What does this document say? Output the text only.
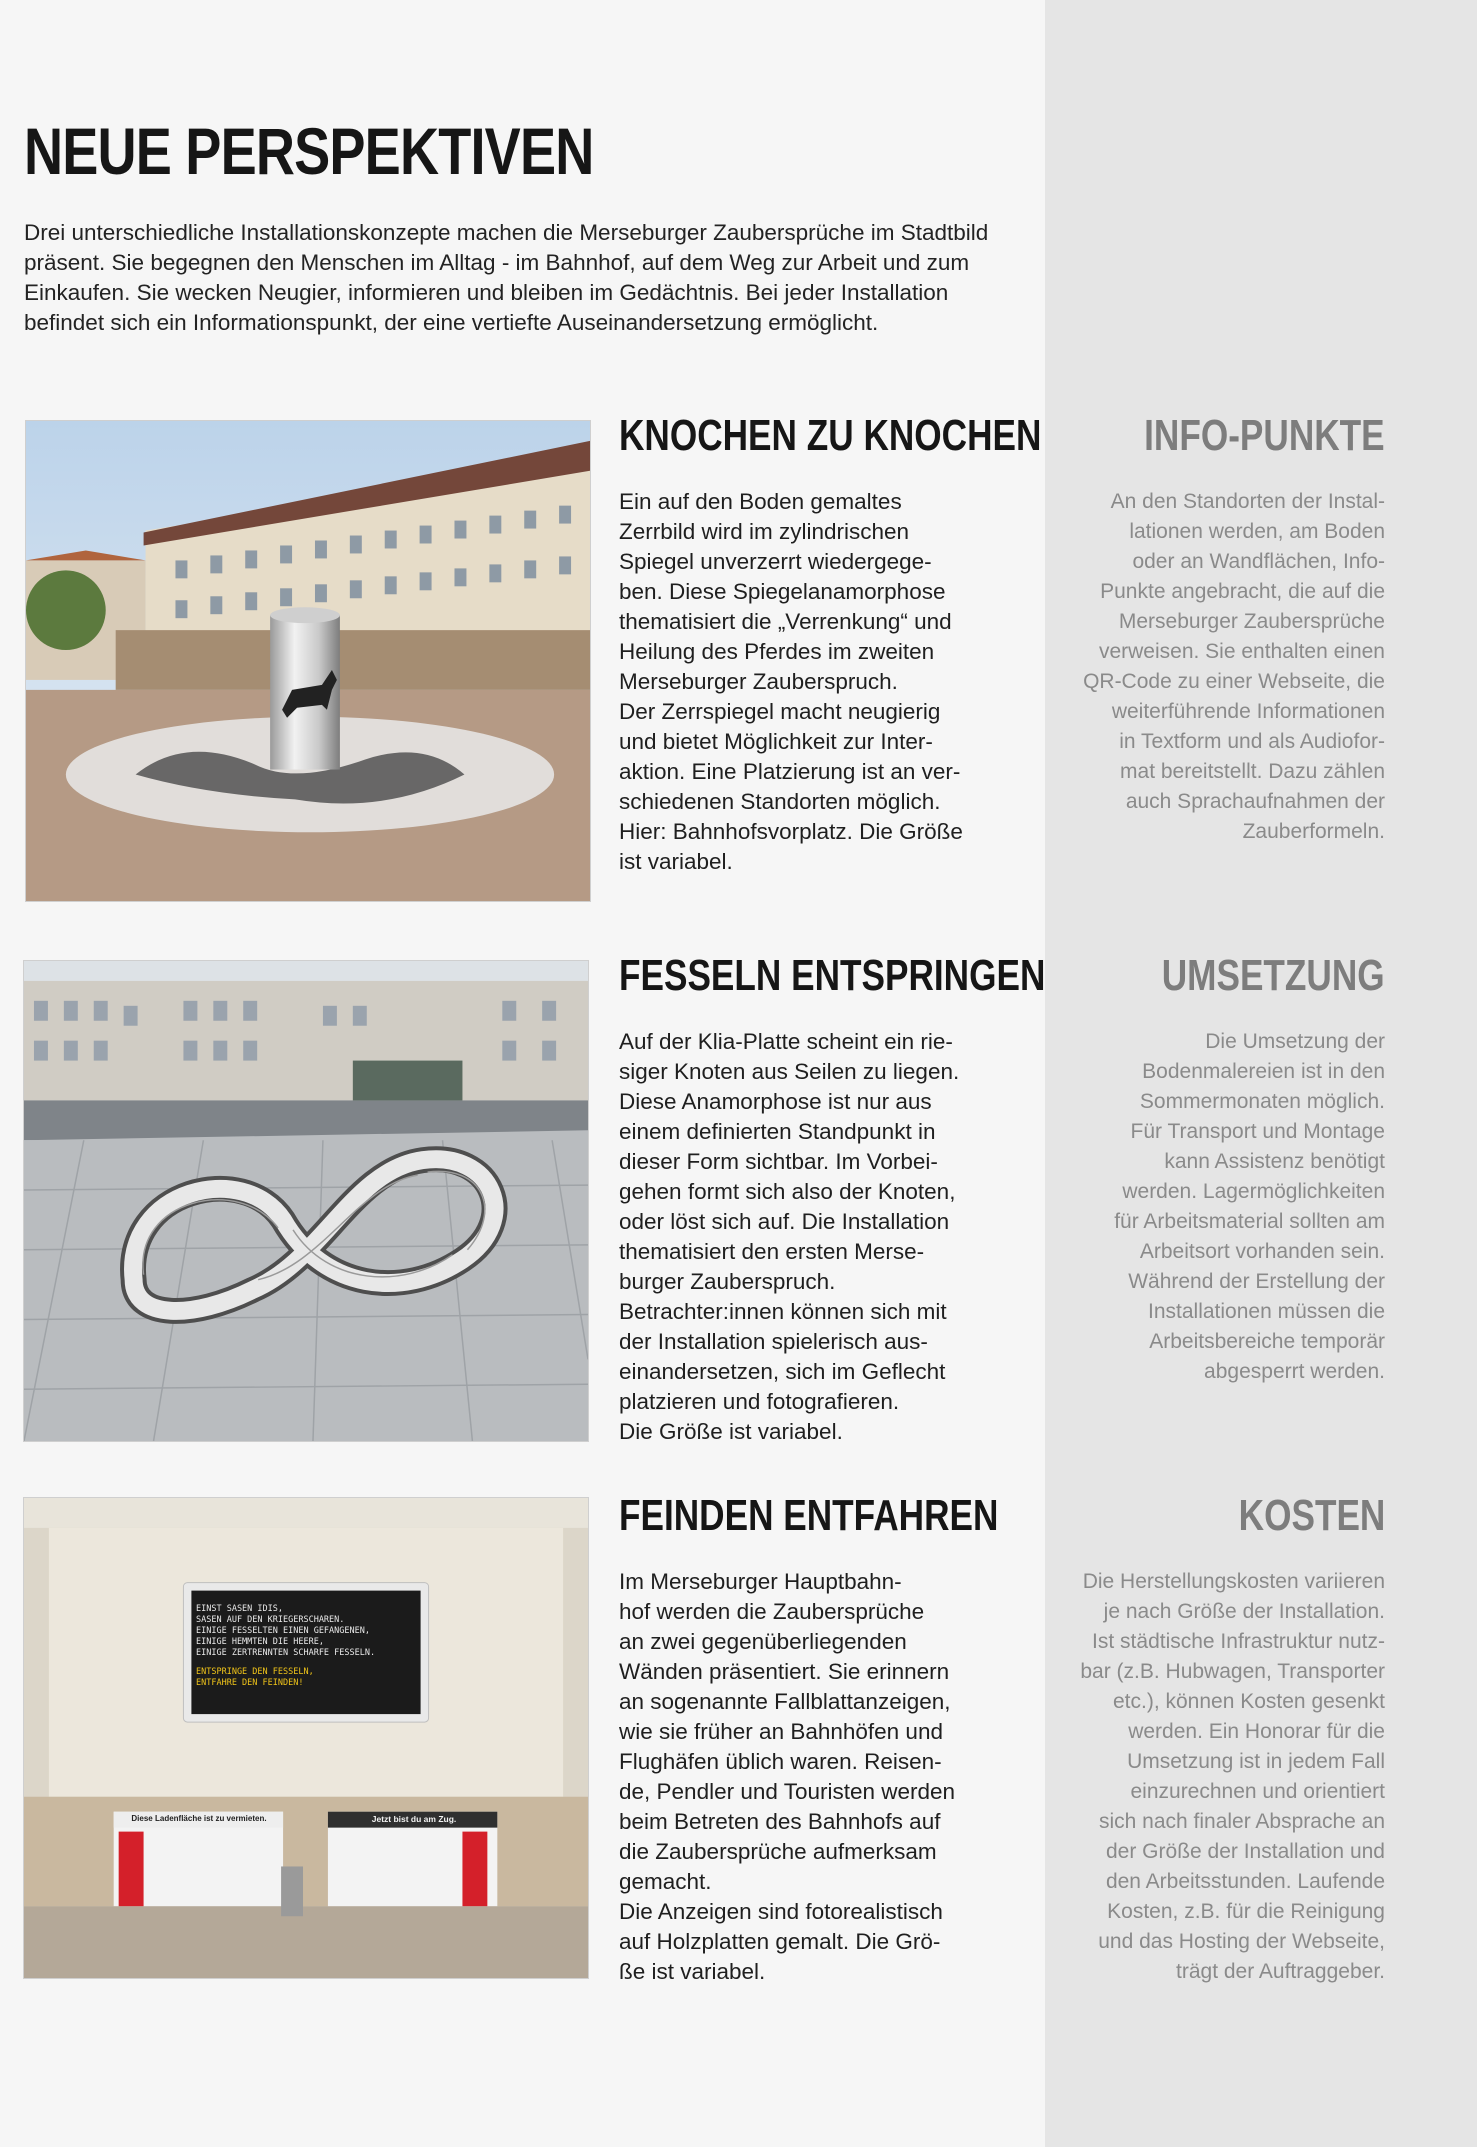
NEUE PERSPEKTIVEN

Drei unterschiedliche Installationskonzepte machen die Merseburger Zaubersprüche im Stadtbild präsent. Sie begegnen den Menschen im Alltag - im Bahnhof, auf dem Weg zur Arbeit und zum Einkaufen. Sie wecken Neugier, informieren und bleiben im Gedächtnis. Bei jeder Installation befindet sich ein Informationspunkt, der eine vertiefte Auseinandersetzung ermöglicht.

EINST SASEN IDIS,
SASEN AUF DEN KRIEGERSCHAREN.
EINIGE FESSELTEN EINEN GEFANGENEN,
EINIGE HEMMTEN DIE HEERE,
EINIGE ZERTRENNTEN SCHARFE FESSELN.
ENTSPRINGE DEN FESSELN,
ENTFAHRE DEN FEINDEN!
Diese Ladenfläche ist zu vermieten.	Jetzt bist du am Zug.
KNOCHEN ZU KNOCHEN

Ein auf den Boden gemaltes
Zerrbild wird im zylindrischen
Spiegel unverzerrt wiedergege-
ben. Diese Spiegelanamorphose
thematisiert die „Verrenkung“ und
Heilung des Pferdes im zweiten
Merseburger Zauberspruch.

Der Zerrspiegel macht neugierig
und bietet Möglichkeit zur Inter-
aktion. Eine Platzierung ist an ver-
schiedenen Standorten möglich.
Hier: Bahnhofsvorplatz. Die Größe
ist variabel.

FESSELN ENTSPRINGEN

Auf der Klia-Platte scheint ein rie-
siger Knoten aus Seilen zu liegen.
Diese Anamorphose ist nur aus
einem definierten Standpunkt in
dieser Form sichtbar. Im Vorbei-
gehen formt sich also der Knoten,
oder löst sich auf. Die Installation
thematisiert den ersten Merse-
burger Zauberspruch.

Betrachter:innen können sich mit
der Installation spielerisch aus-
einandersetzen, sich im Geflecht
platzieren und fotografieren.

Die Größe ist variabel.

FEINDEN ENTFAHREN

Im Merseburger Hauptbahn-
hof werden die Zaubersprüche
an zwei gegenüberliegenden
Wänden präsentiert. Sie erinnern
an sogenannte Fallblattanzeigen,
wie sie früher an Bahnhöfen und
Flughäfen üblich waren. Reisen-
de, Pendler und Touristen werden
beim Betreten des Bahnhofs auf
die Zaubersprüche aufmerksam
gemacht.

Die Anzeigen sind fotorealistisch
auf Holzplatten gemalt. Die Grö-
ße ist variabel.

INFO-PUNKTE

An den Standorten der Instal-
lationen werden, am Boden
oder an Wandflächen, Info-
Punkte angebracht, die auf die
Merseburger Zaubersprüche
verweisen. Sie enthalten einen
QR-Code zu einer Webseite, die
weiterführende Informationen
in Textform und als Audiofor-
mat bereitstellt. Dazu zählen
auch Sprachaufnahmen der
Zauberformeln.

UMSETZUNG

Die Umsetzung der
Bodenmalereien ist in den
Sommermonaten möglich.
Für Transport und Montage
kann Assistenz benötigt
werden. Lagermöglichkeiten
für Arbeitsmaterial sollten am
Arbeitsort vorhanden sein.
Während der Erstellung der
Installationen müssen die
Arbeitsbereiche temporär
abgesperrt werden.

KOSTEN

Die Herstellungskosten variieren
je nach Größe der Installation.
Ist städtische Infrastruktur nutz-
bar (z.B. Hubwagen, Transporter
etc.), können Kosten gesenkt
werden. Ein Honorar für die
Umsetzung ist in jedem Fall
einzurechnen und orientiert
sich nach finaler Absprache an
der Größe der Installation und
den Arbeitsstunden. Laufende
Kosten, z.B. für die Reinigung
und das Hosting der Webseite,
trägt der Auftraggeber.
